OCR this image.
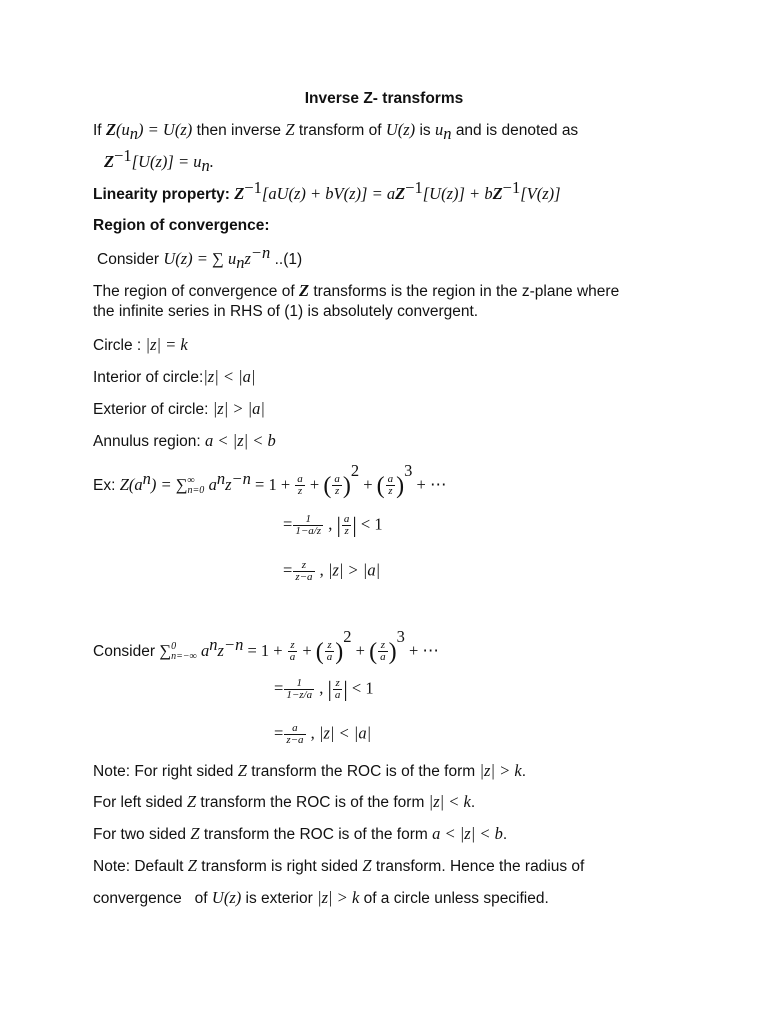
Inverse Z- transforms
If $Z(u_n) = U(z)$ then inverse Z transform of U(z) is $u_n$ and is denoted as
$Z^{-1}[U(z)] = u_n$.
Linearity property: $Z^{-1}[aU(z) + bV(z)] = aZ^{-1}[U(z)] + bZ^{-1}[V(z)]$
Region of convergence:
Consider U(z) = ∑ $u_nz^{-n}$ ..(1)
The region of convergence of Z transforms is the region in the z-plane where
the infinite series in RHS of (1) is absolutely convergent.
Circle : |z| = k
Interior of circle:|z| < |a|
Exterior of circle: |z| > |a|
Annulus region: a < |z| < b
Ex: $Z(a^n)$ = ∑ ∞
n=0 $a^nz^{-n} = 1 + \frac{a}{z}$ + ( $\frac{a}{z} )^2$ + ( $\frac{a}{z} )^3$ + ⋯
= $\frac{1}{1-a/z}$ , | $\frac{a}{z}$ | < 1
= $\frac{z}{z-a}$ , |z| > |a|
Consider ∑ 0
n=−∞ $a^nz^{-n} = 1 + \frac{z}{a}$ + ( $\frac{z}{a} )^2$ + ( $\frac{z}{a} )^3$ + ⋯
= $\frac{1}{1-z/a}$ , | $\frac{z}{a}$ | < 1
= $\frac{a}{z-a}$ , |z| < |a|
Note: For right sided Z transform the ROC is of the form |z| > k.
For left sided Z transform the ROC is of the form |z| < k.
For two sided Z transform the ROC is of the form a < |z| < b.
Note: Default Z transform is right sided Z transform. Hence the radius of
convergence   of U(z) is exterior |z| > k of a circle unless specified.
